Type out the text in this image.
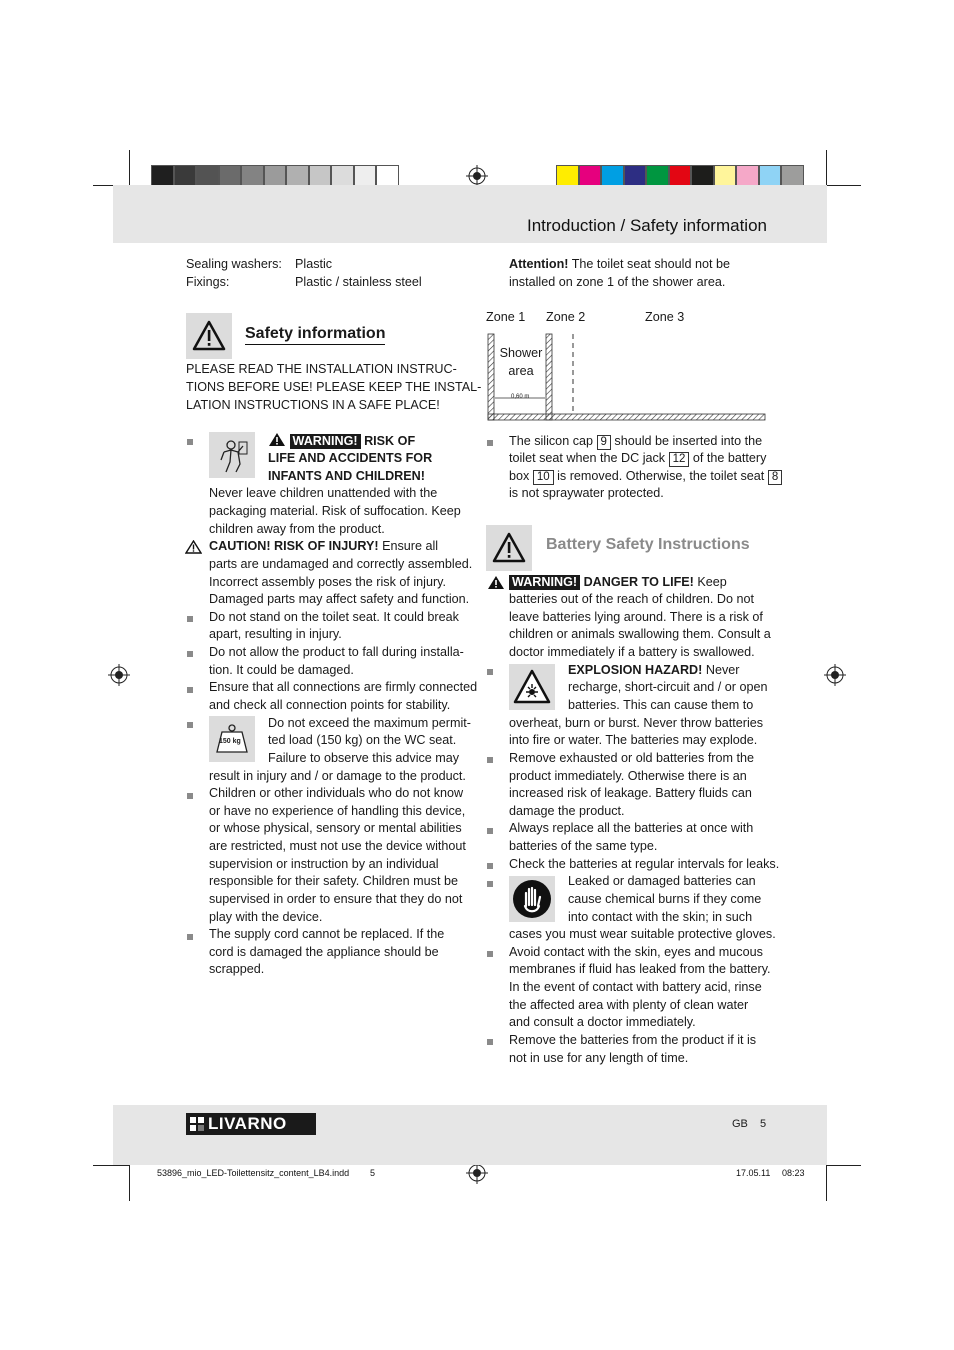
Introduction / Safety information
Sealing washers: Plastic
Fixings:	Plastic / stainless steel
Safety information
PLEASE READ THE INSTALLATION INSTRUC-
TIONS BEFORE USE! PLEASE KEEP THE INSTAL-
LATION INSTRUCTIONS IN A SAFE PLACE!
WARNING! RISK OF
LIFE AND ACCIDENTS FOR
INFANTS AND CHILDREN!
Never leave children unattended with the
packaging material. Risk of suffocation. Keep
children away from the product.
CAUTION! RISK OF INJURY! Ensure all
parts are undamaged and correctly assembled.
Incorrect assembly poses the risk of injury.
Damaged parts may affect safety and function.
Do not stand on the toilet seat. It could break
apart, resulting in injury.
Do not allow the product to fall during installa-
tion. It could be damaged.
Ensure that all connections are firmly connected
and check all connection points for stability.
150 kg
Do not exceed the maximum permit-
ted load (150 kg) on the WC seat.
Failure to observe this advice may
result in injury and / or damage to the product.
Children or other individuals who do not know
or have no experience of handling this device,
or whose physical, sensory or mental abilities
are restricted, must not use the device without
supervision or instruction by an individual
responsible for their safety. Children must be
supervised in order to ensure that they do not
play with the device.
The supply cord cannot be replaced. If the
cord is damaged the appliance should be
scrapped.
Attention! The toilet seat should not be
installed on zone 1 of the shower area.
Zone 1 Zone 2	Zone 3
Shower
area
0,60 m
The silicon cap 9 should be inserted into the
toilet seat when the DC jack 12 of the battery
box 10 is removed. Otherwise, the toilet seat 8
is not spraywater protected.
Battery Safety Instructions
WARNING! DANGER TO LIFE! Keep
batteries out of the reach of children. Do not
leave batteries lying around. There is a risk of
children or animals swallowing them. Consult a
doctor immediately if a battery is swallowed.
EXPLOSION HAZARD! Never
recharge, short-circuit and / or open
batteries. This can cause them to
overheat, burn or burst. Never throw batteries
into fire or water. The batteries may explode.
Remove exhausted or old batteries from the
product immediately. Otherwise there is an
increased risk of leakage. Battery fluids can
damage the product.
Always replace all the batteries at once with
batteries of the same type.
Check the batteries at regular intervals for leaks.
Leaked or damaged batteries can
cause chemical burns if they come
into contact with the skin; in such
cases you must wear suitable protective gloves.
Avoid contact with the skin, eyes and mucous
membranes if fluid has leaked from the battery.
In the event of contact with battery acid, rinse
the affected area with plenty of clean water
and consult a doctor immediately.
Remove the batteries from the product if it is
not in use for any length of time.
LIVARNO	GB 5
53896_mio_LED-Toilettensitz_content_LB4.indd 5	17.05.11 08:23
